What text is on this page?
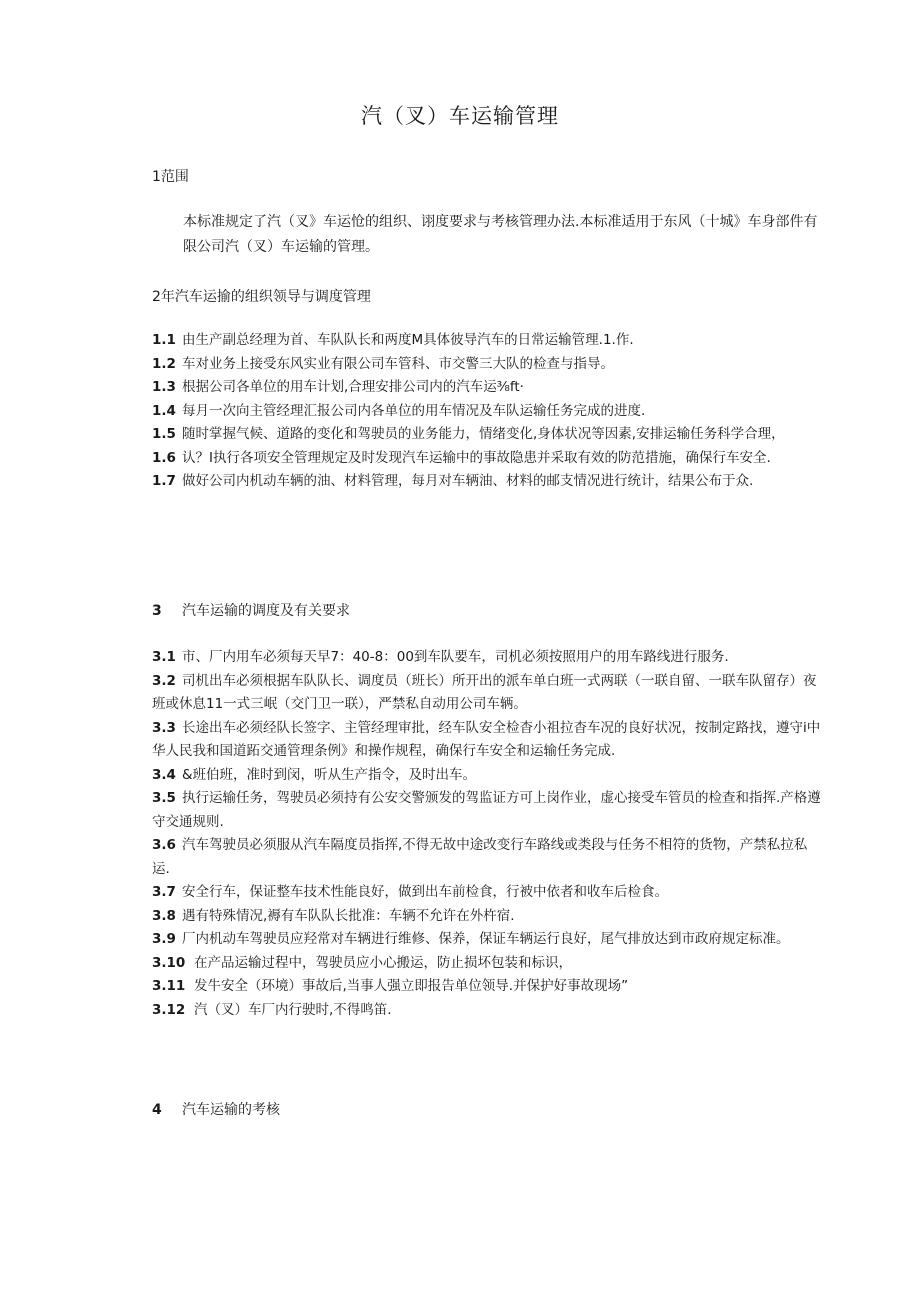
汽（叉）车运输管理

1范围

本标准规定了汽（叉》车运怆的组织、诩度要求与考核管理办法.本标准适用于东风（十城》车身部件有限公司汽（叉）车运输的管理。

2年汽车运揄的组织领导与调度管理

1.1 由生产副总经理为首、车队队长和两度M具体彼导汽车的日常运输管理.1.作.
1.2 车对业务上接受东风实业有限公司车管科、市交警三大队的检查与指导。
1.3 根据公司各单位的用车计划,合理安排公司内的汽车运⅜ft·
1.4 每月一次向主管经理汇报公司内各单位的用车情况及车队运输任务完成的进度.
1.5 随时掌握气候、道路的变化和驾驶员的业务能力，情绪变化,身体状况等因素,安排运输任务科学合理，
1.6 认？I执行各项安全管理规定及时发现汽车运输中的事故隐患并采取有效的防范措施，确保行车安全.
1.7 做好公司内机动车辆的油、材料管理，每月对车辆油、材料的邮支情况进行统计，结果公布于众.

3 汽车运输的调度及有关要求

3.1 市、厂内用车必须每天早7：40-8：00到车队要车，司机必须按照用户的用车路线进行服务.
3.2 司机出车必须根据车队队长、调度员（班长）所开出的派车单白班一式两联（一联自留、一联车队留存）夜班或休息11一式三岷（交门卫一联），严禁私自动用公司车辆。
3.3 长途出车必须经队长签字、主管经理审批，经车队安全检杳小祖拉杳车况的良好状况，按制定路找，遵守i中华人民我和国道跖交通管理条例》和操作规程，确保行车安全和运输任务完成.
3.4 &班伯班，准时到闵，听从生产指令，及时出车。
3.5 执行运输任务，驾驶员必须持有公安交警颁发的驾监证方可上岗作业，虚心接受车管员的检查和指挥.产格遵守交通规则.
3.6 汽车驾驶员必须服从汽车隔度员指挥,不得无故中途改变行车路线或类段与任务不相符的货物，产禁私拉私运.
3.7 安全行车，保证整车技术性能良好，做到出车前检食，行被中依者和收车后检食。
3.8 遇有特殊情况,褥有车队队长批准：车辆不允许在外杵宿.
3.9 厂内机动车驾驶员应羟常对车辆进行维修、保养，保证车辆运行良好，尾气排放达到市政府规定标准。
3.10 在产品运输过程中，驾驶员应小心搬运，防止损坏包装和标识，
3.11 发牛安全（环境）事故后,当事人强立即报告单位领导.并保护好事故现场”
3.12 汽（叉）车厂内行驶时,不得鸣笛.

4 汽车运输的考核
